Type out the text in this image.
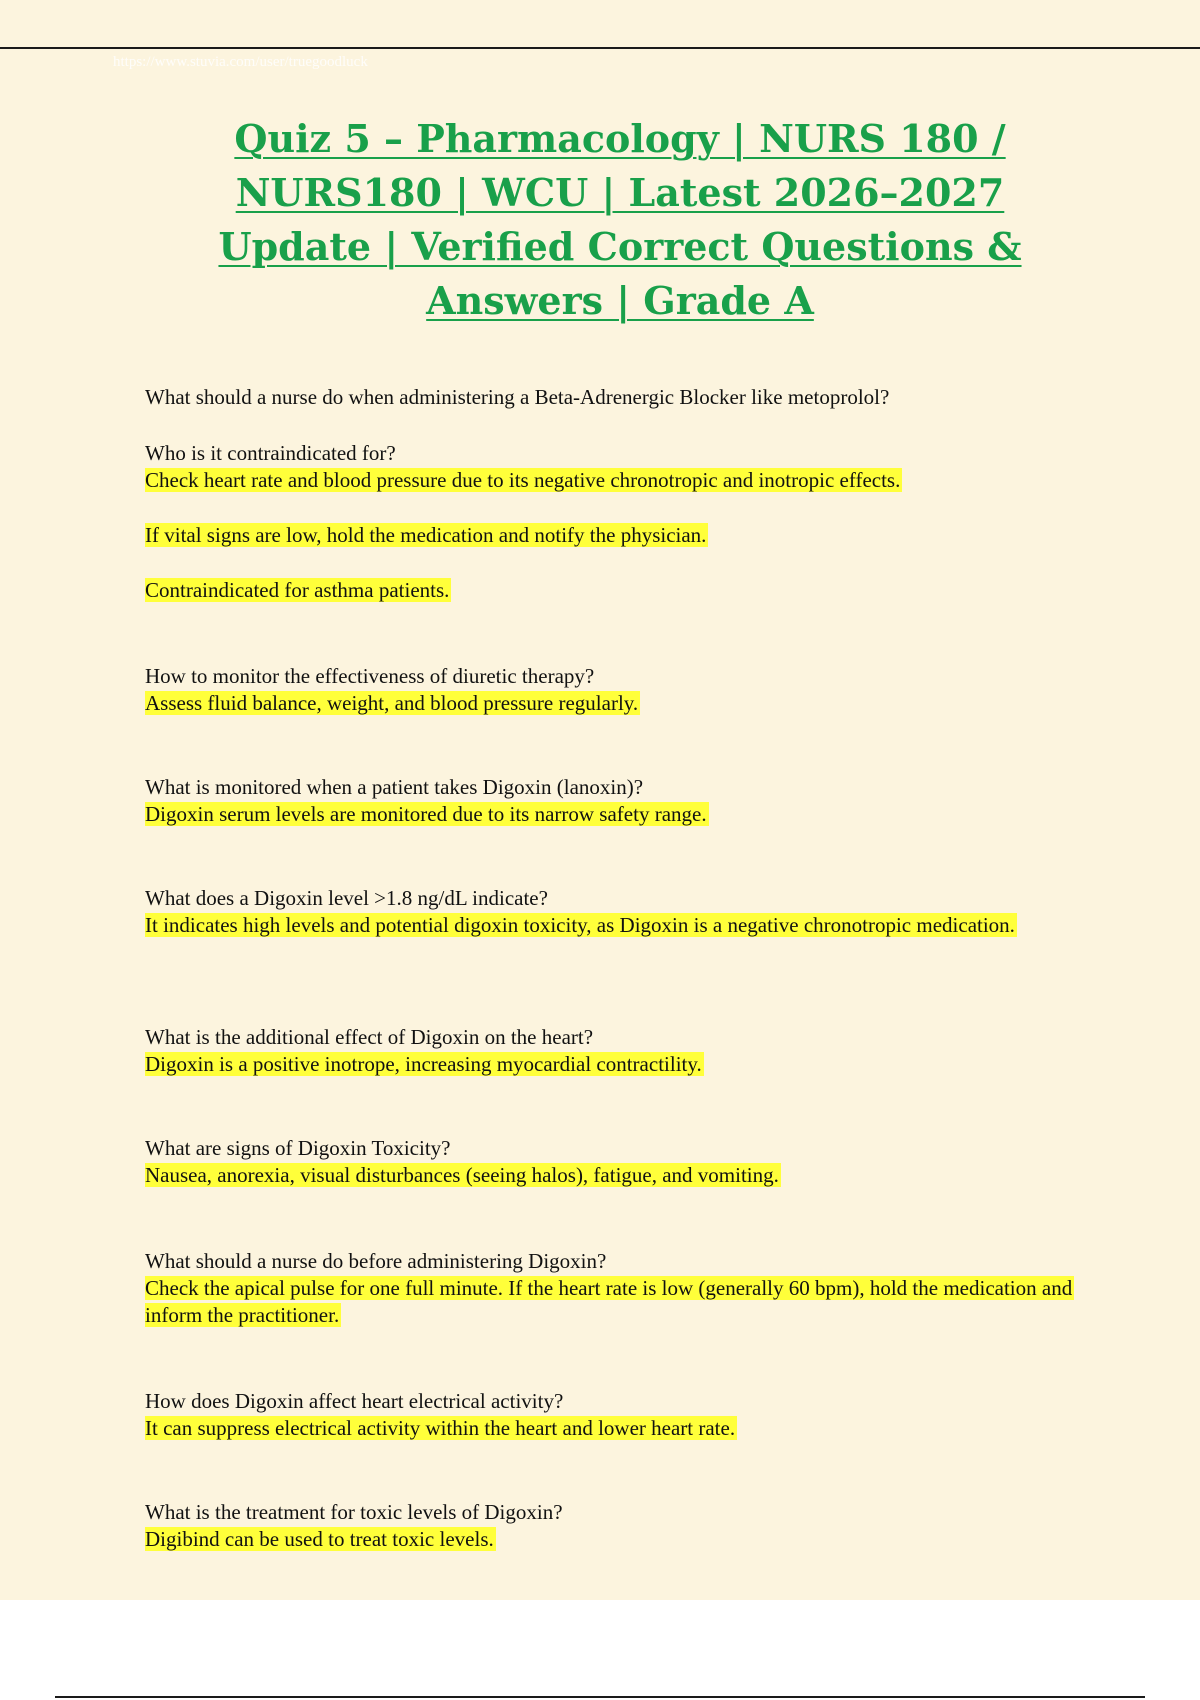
https://www.stuvia.com/user/truegoodluck
Quiz 5 – Pharmacology | NURS 180 /
NURS180 | WCU | Latest 2026–2027
Update | Verified Correct Questions &
Answers | Grade A
What should a nurse do when administering a Beta-Adrenergic Blocker like metoprolol?
Who is it contraindicated for?
Check heart rate and blood pressure due to its negative chronotropic and inotropic effects.
If vital signs are low, hold the medication and notify the physician.
Contraindicated for asthma patients.
How to monitor the effectiveness of diuretic therapy?
Assess fluid balance, weight, and blood pressure regularly.
What is monitored when a patient takes Digoxin (lanoxin)?
Digoxin serum levels are monitored due to its narrow safety range.
What does a Digoxin level >1.8 ng/dL indicate?
It indicates high levels and potential digoxin toxicity, as Digoxin is a negative chronotropic medication.
What is the additional effect of Digoxin on the heart?
Digoxin is a positive inotrope, increasing myocardial contractility.
What are signs of Digoxin Toxicity?
Nausea, anorexia, visual disturbances (seeing halos), fatigue, and vomiting.
What should a nurse do before administering Digoxin?
Check the apical pulse for one full minute. If the heart rate is low (generally 60 bpm), hold the medication and inform the practitioner.
How does Digoxin affect heart electrical activity?
It can suppress electrical activity within the heart and lower heart rate.
What is the treatment for toxic levels of Digoxin?
Digibind can be used to treat toxic levels.
